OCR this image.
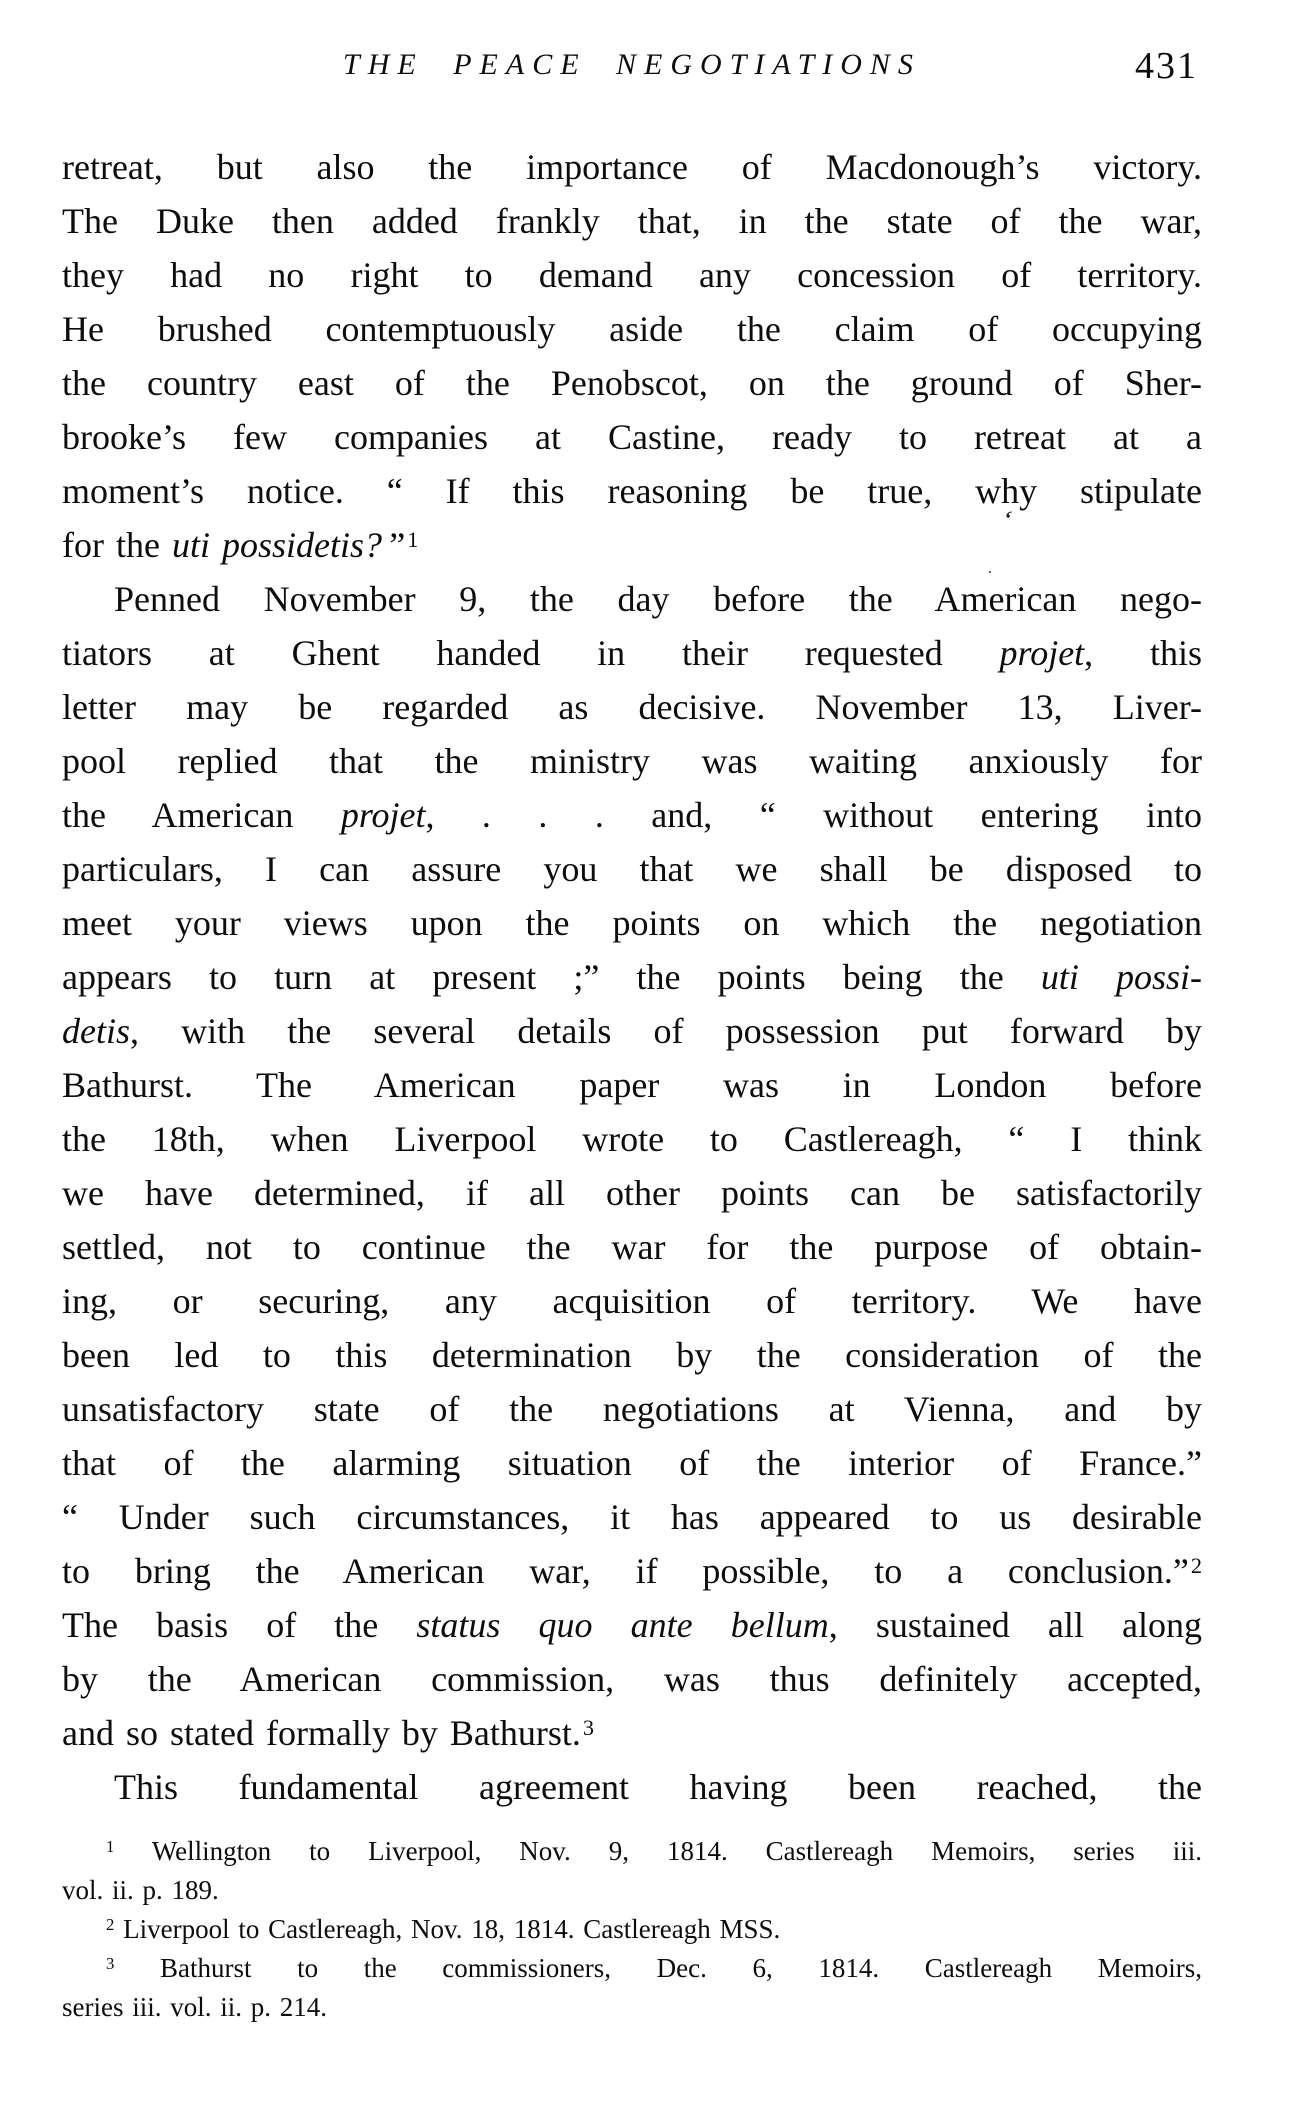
THE PEACE NEGOTIATIONS	431
retreat, but also the importance of Macdonough’s victory.
The Duke then added frankly that, in the state of the war,
they had no right to demand any concession of territory.
He brushed contemptuously aside the claim of occupying
the country east of the Penobscot, on the ground of Sher-
brooke’s few companies at Castine, ready to retreat at a
moment’s notice. “ If this reasoning be true, why stipulate
for the uti possidetis? ”$^1$
Penned November 9, the day before the American nego-
tiators at Ghent handed in their requested projet, this
letter may be regarded as decisive. November 13, Liver-
pool replied that the ministry was waiting anxiously for
the American projet, . . . and, “ without entering into
particulars, I can assure you that we shall be disposed to
meet your views upon the points on which the negotiation
appears to turn at present ;” the points being the uti possi-
detis, with the several details of possession put forward by
Bathurst. The American paper was in London before
the 18th, when Liverpool wrote to Castlereagh, “ I think
we have determined, if all other points can be satisfactorily
settled, not to continue the war for the purpose of obtain-
ing, or securing, any acquisition of territory. We have
been led to this determination by the consideration of the
unsatisfactory state of the negotiations at Vienna, and by
that of the alarming situation of the interior of France.”
“ Under such circumstances, it has appeared to us desirable
to bring the American war, if possible, to a conclusion.”$^2$
The basis of the status quo ante bellum, sustained all along
by the American commission, was thus definitely accepted,
and so stated formally by Bathurst.$^3$
This fundamental agreement having been reached, the
$^1$ Wellington to Liverpool, Nov. 9, 1814. Castlereagh Memoirs, series iii.
vol. ii. p. 189.
$^2$ Liverpool to Castlereagh, Nov. 18, 1814. Castlereagh MSS.
$^3$ Bathurst to the commissioners, Dec. 6, 1814. Castlereagh Memoirs,
series iii. vol. ii. p. 214.
‘
.
